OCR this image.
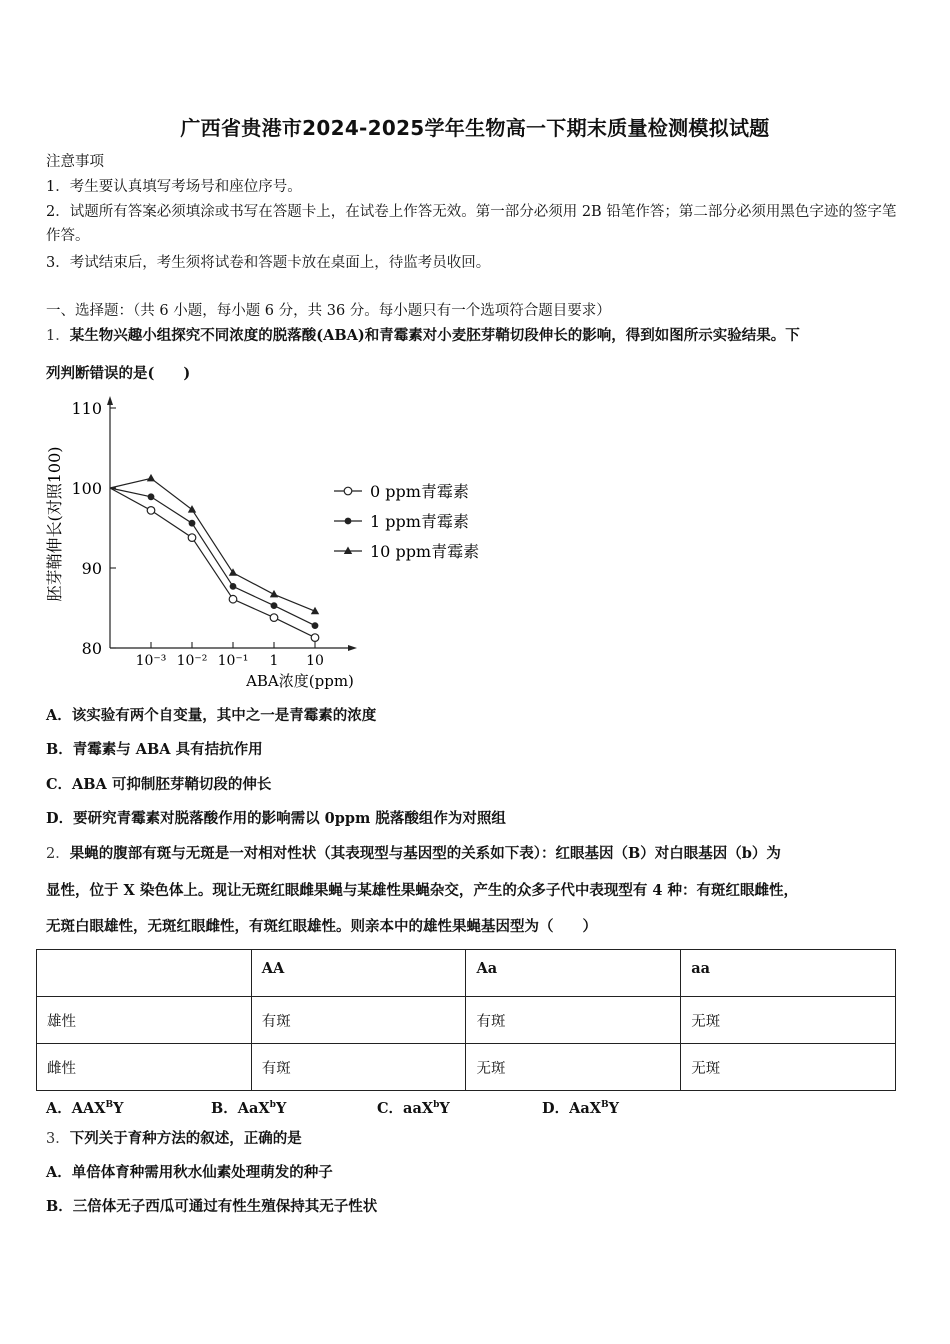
广西省贵港市2024-2025学年生物高一下期末质量检测模拟试题
注意事项
1．考生要认真填写考场号和座位序号。
2．试题所有答案必须填涂或书写在答题卡上，在试卷上作答无效。第一部分必须用 2B 铅笔作答；第二部分必须用黑色字迹的签字笔作答。
3．考试结束后，考生须将试卷和答题卡放在桌面上，待监考员收回。
一、选择题：（共 6 小题，每小题 6 分，共 36 分。每小题只有一个选项符合题目要求）
1．某生物兴趣小组探究不同浓度的脱落酸(ABA)和青霉素对小麦胚芽鞘切段伸长的影响，得到如图所示实验结果。下
列判断错误的是(　　)
80
90
100
110
10⁻³ 10⁻² 10⁻¹ 1 10
胚芽鞘伸长(对照100)
ABA浓度(ppm)
0 ppm青霉素
1 ppm青霉素
10 ppm青霉素
A．该实验有两个自变量，其中之一是青霉素的浓度
B．青霉素与 ABA 具有拮抗作用
C．ABA 可抑制胚芽鞘切段的伸长
D．要研究青霉素对脱落酸作用的影响需以 0ppm 脱落酸组作为对照组
2．果蝇的腹部有斑与无斑是一对相对性状（其表现型与基因型的关系如下表）：红眼基因（B）对白眼基因（b）为
显性，位于 X 染色体上。现让无斑红眼雌果蝇与某雄性果蝇杂交，产生的众多子代中表现型有 4 种：有斑红眼雌性，
无斑白眼雄性，无斑红眼雌性，有斑红眼雄性。则亲本中的雄性果蝇基因型为（　　）
	AA	Aa	aa
雄性	有斑	有斑	无斑
雌性	有斑	无斑	无斑
A．$AAX^BY$	B．AaX$^b$Y	C．aaX$^b$Y	D．AaX$^B$Y
3．下列关于育种方法的叙述，正确的是
A．单倍体育种需用秋水仙素处理萌发的种子
B．三倍体无子西瓜可通过有性生殖保持其无子性状
